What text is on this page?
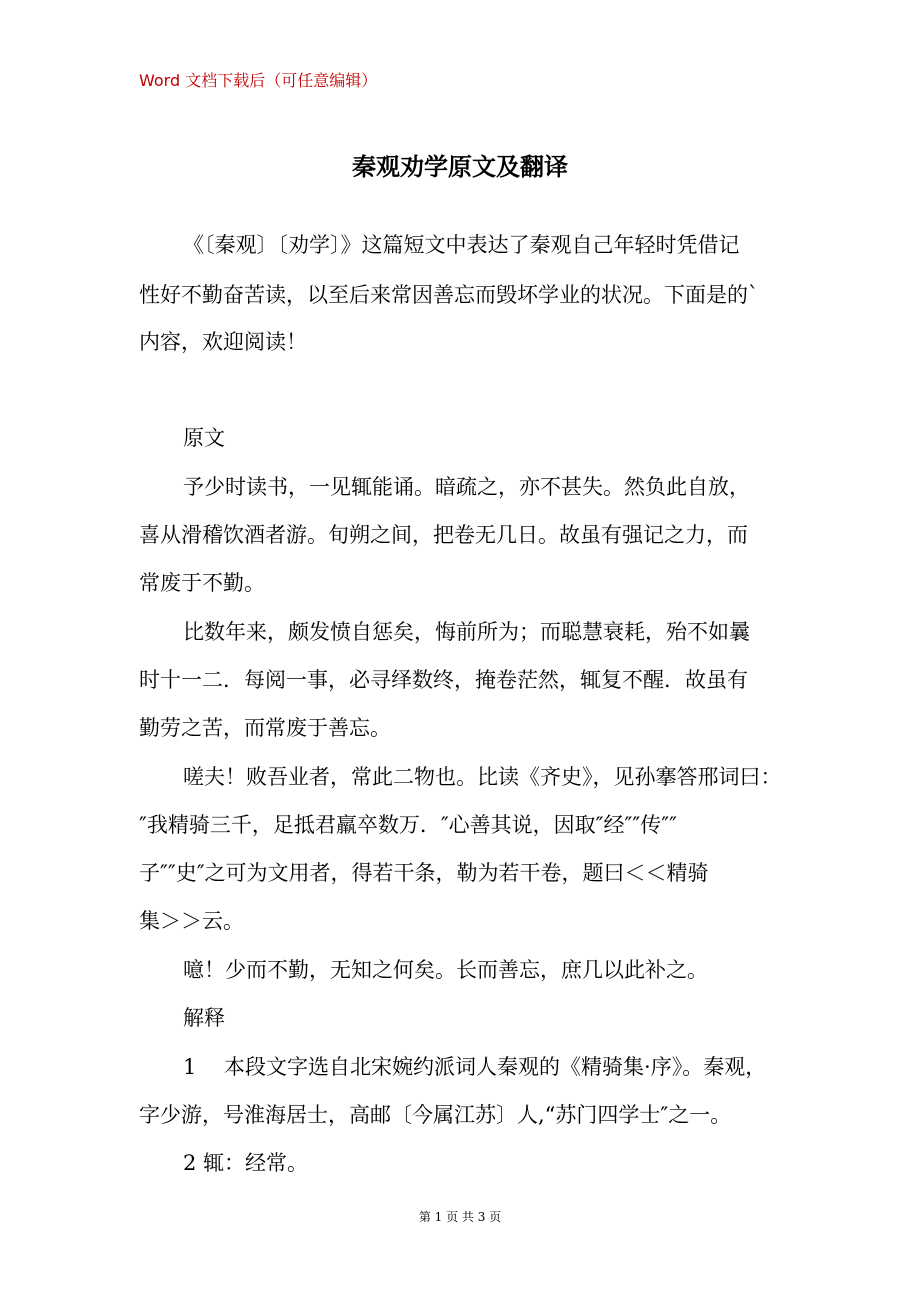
Word 文档下载后（可任意编辑）
秦观劝学原文及翻译
《〔秦观〕〔劝学〕》这篇短文中表达了秦观自己年轻时凭借记
性好不勤奋苦读，以至后来常因善忘而毁坏学业的状况。下面是的`
内容，欢迎阅读！
原文
予少时读书，一见辄能诵。暗疏之，亦不甚失。然负此自放，
喜从滑稽饮酒者游。旬朔之间，把卷无几日。故虽有强记之力，而
常废于不勤。
比数年来，颇发愤自惩矣，悔前所为；而聪慧衰耗，殆不如曩
时十一二．每阅一事，必寻绎数终，掩卷茫然，辄复不醒．故虽有
勤劳之苦，而常废于善忘。
嗟夫！败吾业者，常此二物也。比读《齐史》，见孙搴答邢词曰：
″我精骑三千，足抵君羸卒数万．″心善其说，因取″经″″传″″
子″″史″之可为文用者，得若干条，勒为若干卷，题曰＜＜精骑
集＞＞云。
噫！少而不勤，无知之何矣。长而善忘，庶几以此补之。
解释
1　 本段文字选自北宋婉约派词人秦观的《精骑集·序》。秦观，
字少游，号淮海居士，高邮〔今属江苏〕人,“苏门四学士″之一。
2 辄：经常。
第 1 页 共 3 页
